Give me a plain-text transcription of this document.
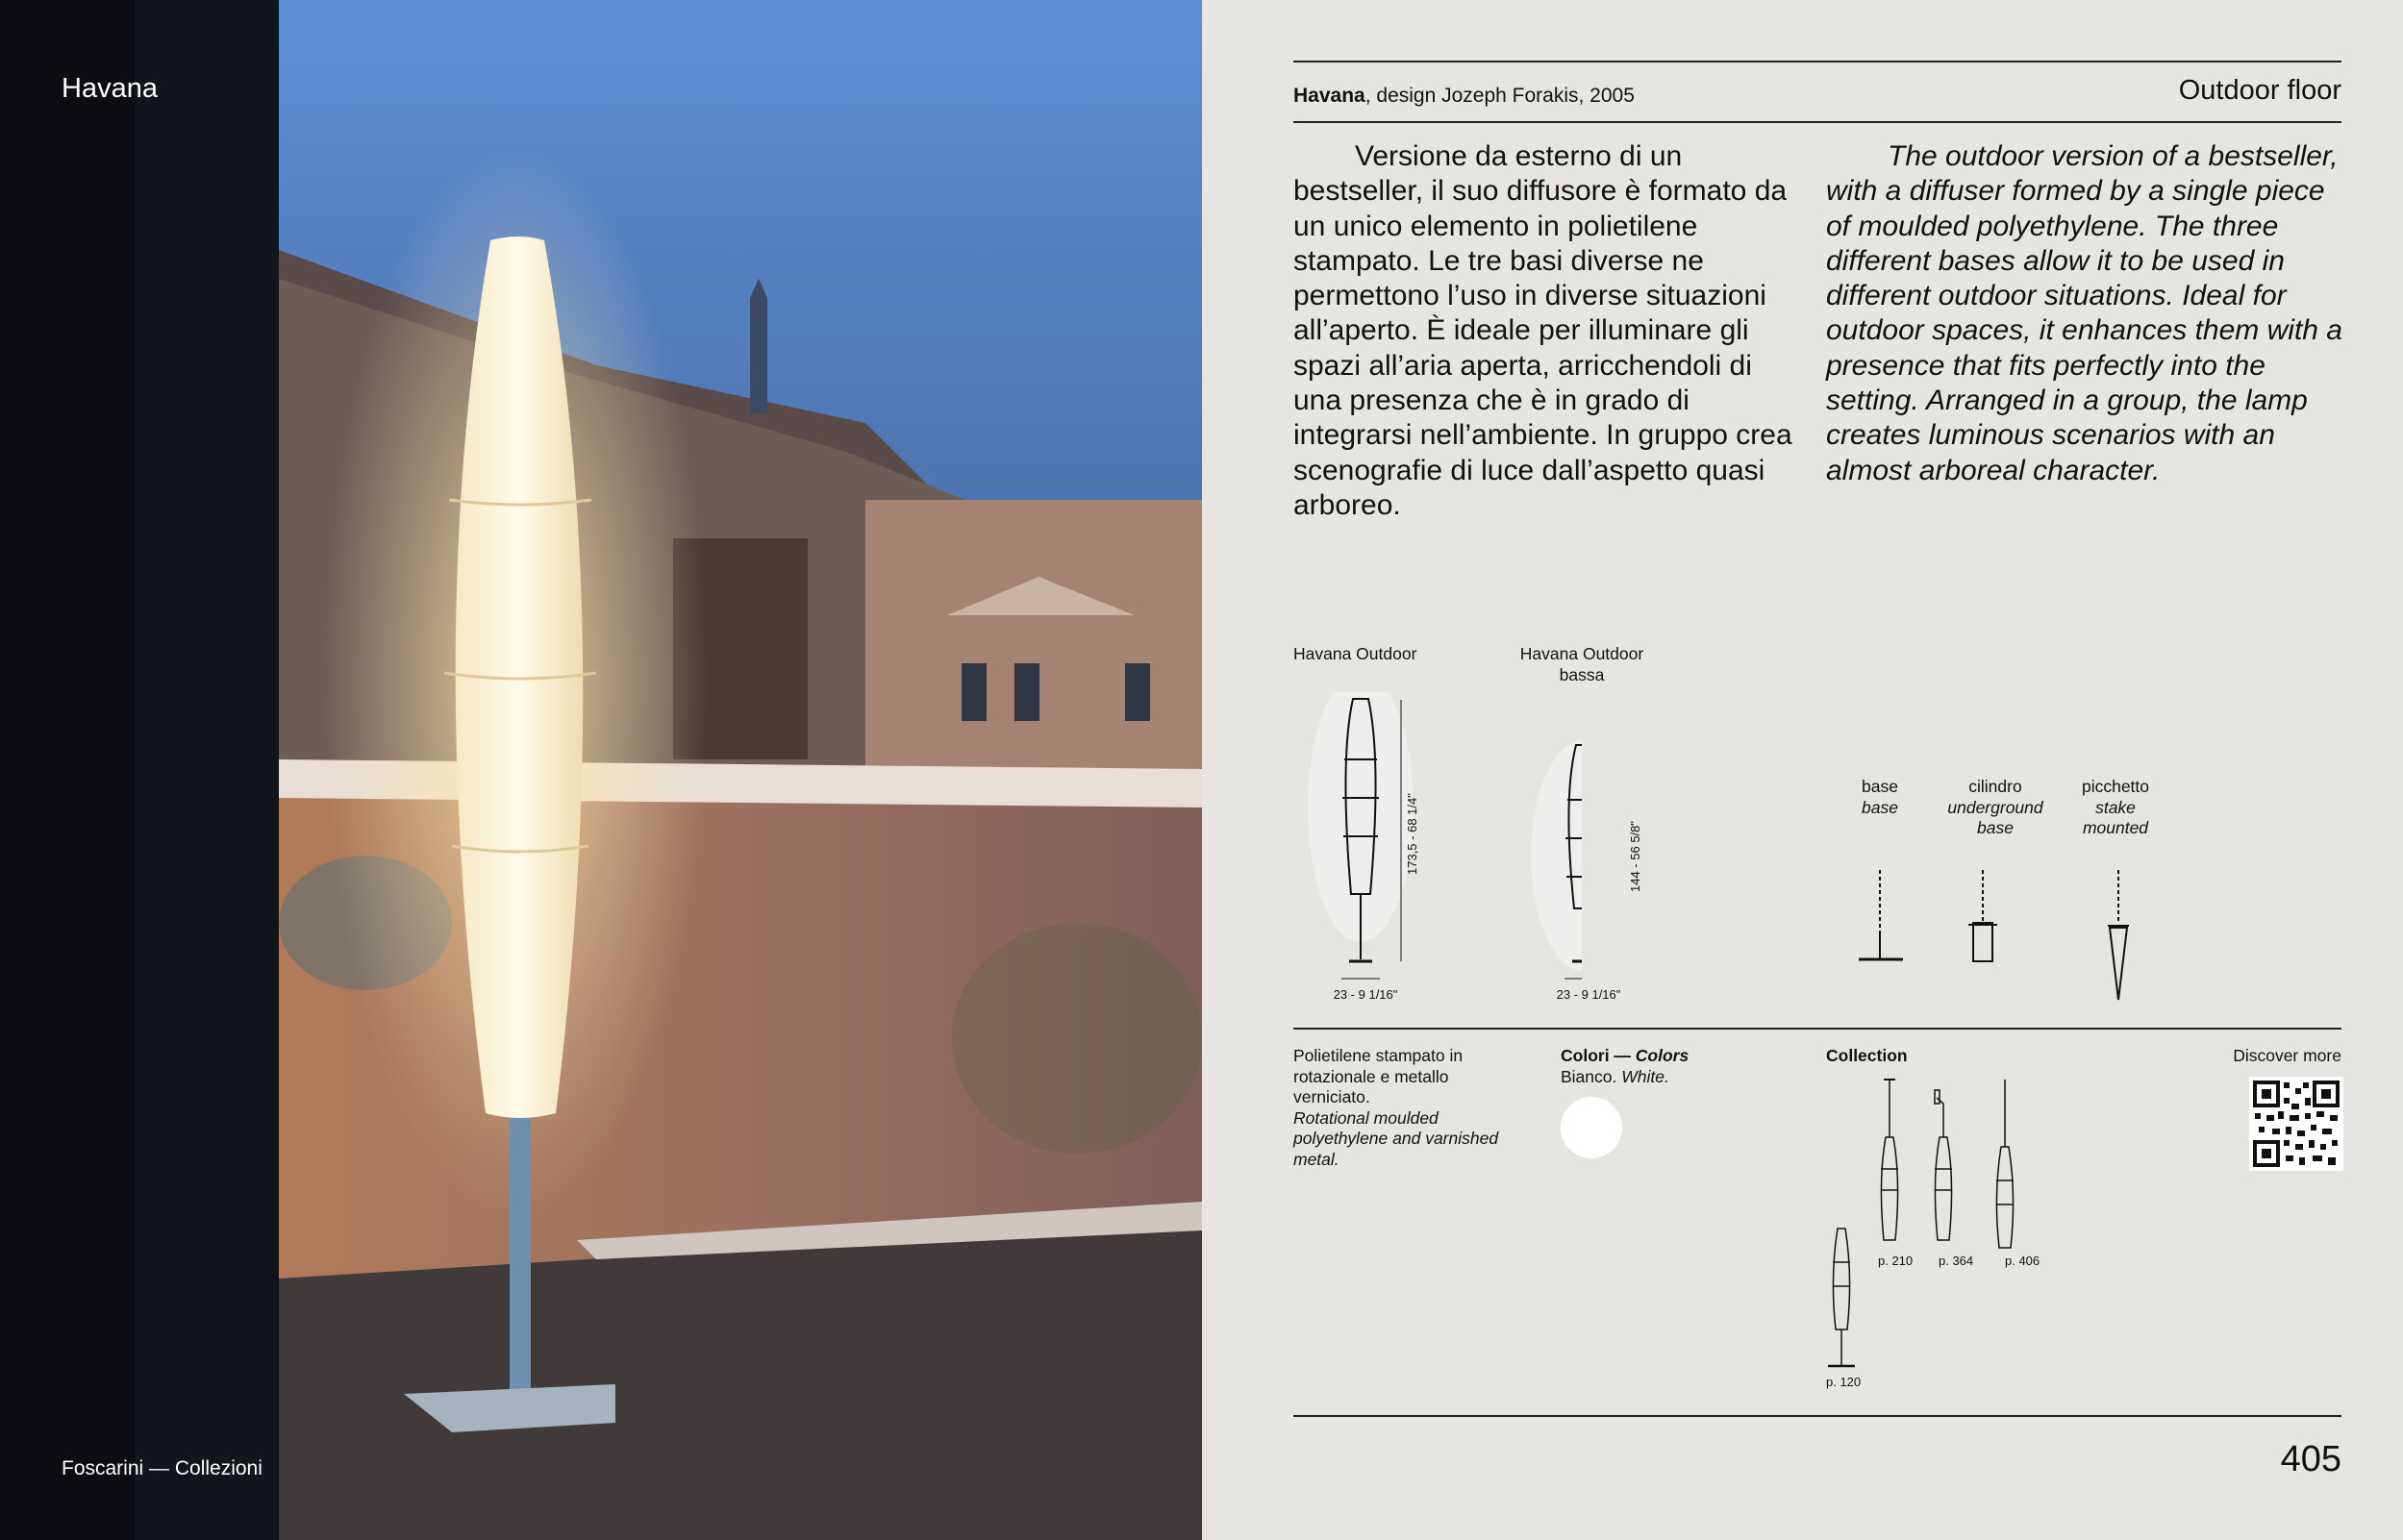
Havana
Foscarini — Collezioni
Havana, design Jozeph Forakis, 2005	Outdoor floor
Versione da esterno di un bestseller, il suo diffusore è formato da un unico elemento in polietilene stampato. Le tre basi diverse ne permettono l’uso in diverse situazioni all’aperto. È ideale per illuminare gli spazi all’aria aperta, arricchendoli di una presenza che è in grado di integrarsi nell’ambiente. In gruppo crea scenografie di luce dall’aspetto quasi arboreo.
The outdoor version of a bestseller, with a diffuser formed by a single piece of moulded polyethylene. The three different bases allow it to be used in different outdoor situations. Ideal for outdoor spaces, it enhances them with a presence that fits perfectly into the setting. Arranged in a group, the lamp creates luminous scenarios with an almost arboreal character.
Havana Outdoor	Havana Outdoor bassa
173,5 - 68 1/4"	144 - 56 5/8"
23 - 9 1/16"	23 - 9 1/16"
base
base
cilindro
underground base
picchetto
stake mounted
Polietilene stampato in rotazionale e metallo verniciato.
Rotational moulded polyethylene and varnished metal.
Colori — Colors
Bianco. White.
Collection
p. 210 p. 364	p. 406
p. 120
Discover more
405
